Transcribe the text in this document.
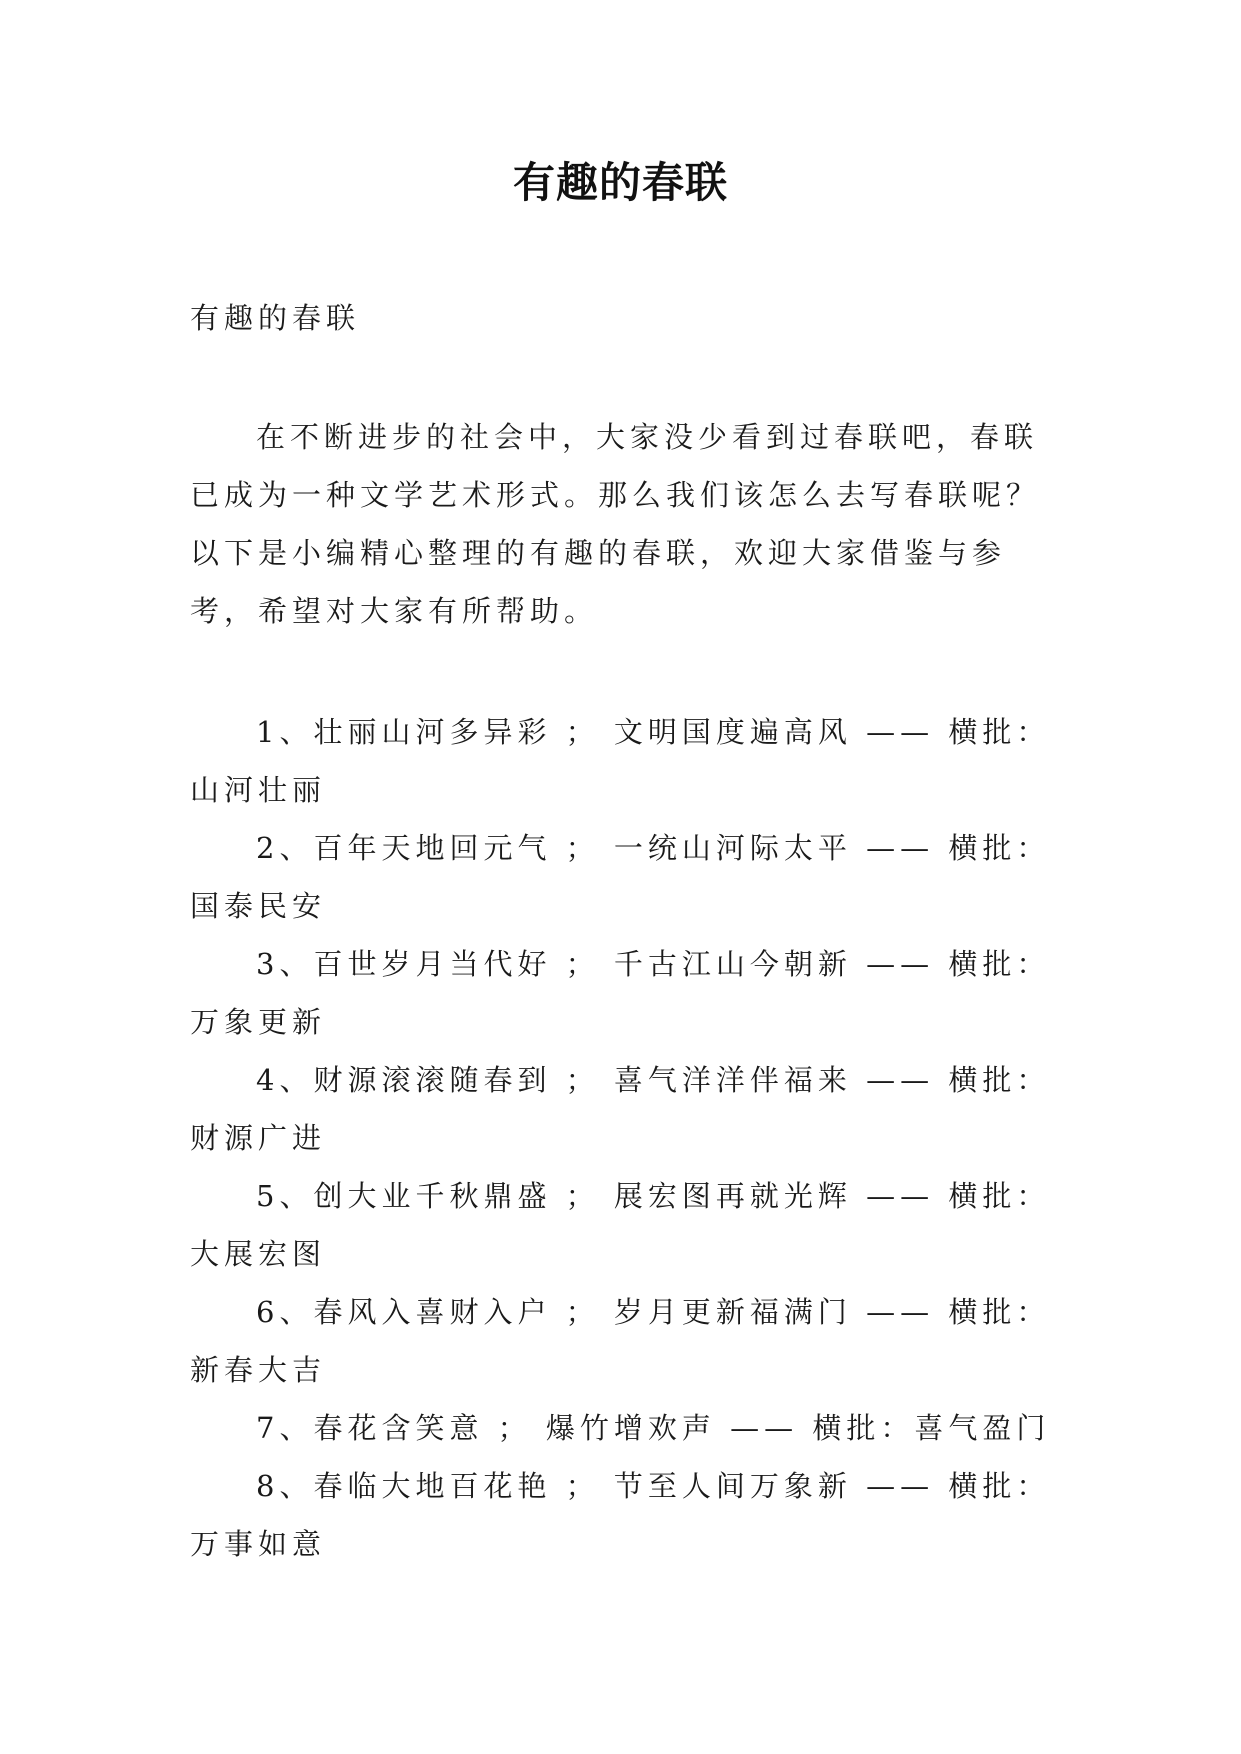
有趣的春联

有趣的春联

在不断进步的社会中，大家没少看到过春联吧，春联已成为一种文学艺术形式。那么我们该怎么去写春联呢？以下是小编精心整理的有趣的春联，欢迎大家借鉴与参考，希望对大家有所帮助。

1、壮丽山河多异彩 ； 文明国度遍高风 —— 横批：山河壮丽
2、百年天地回元气 ； 一统山河际太平 —— 横批：国泰民安
3、百世岁月当代好 ； 千古江山今朝新 —— 横批：万象更新
4、财源滚滚随春到 ； 喜气洋洋伴福来 —— 横批：财源广进
5、创大业千秋鼎盛 ； 展宏图再就光辉 —— 横批：大展宏图
6、春风入喜财入户 ； 岁月更新福满门 —— 横批：新春大吉
7、春花含笑意 ； 爆竹增欢声 —— 横批：喜气盈门
8、春临大地百花艳 ； 节至人间万象新 —— 横批：万事如意
